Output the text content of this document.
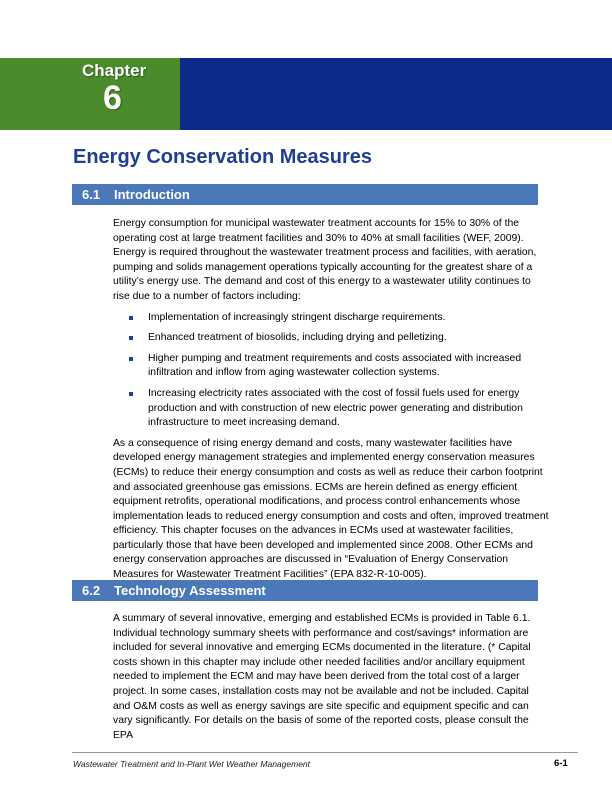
Chapter
6
Energy Conservation Measures
6.1 Introduction

Energy consumption for municipal wastewater treatment accounts for 15% to 30% of the operating cost at large treatment facilities and 30% to 40% at small facilities (WEF, 2009). Energy is required throughout the wastewater treatment process and facilities, with aeration, pumping and solids management operations typically accounting for the greatest share of a utility’s energy use. The demand and cost of this energy to a wastewater utility continues to rise due to a number of factors including:

Implementation of increasingly stringent discharge requirements.
Enhanced treatment of biosolids, including drying and pelletizing.
Higher pumping and treatment requirements and costs associated with increased infiltration and inflow from aging wastewater collection systems.
Increasing electricity rates associated with the cost of fossil fuels used for energy production and with construction of new electric power generating and distribution infrastructure to meet increasing demand.

As a consequence of rising energy demand and costs, many wastewater facilities have developed energy management strategies and implemented energy conservation measures (ECMs) to reduce their energy consumption and costs as well as reduce their carbon footprint and associated greenhouse gas emissions. ECMs are herein defined as energy efficient equipment retrofits, operational modifications, and process control enhancements whose implementation leads to reduced energy consumption and costs and often, improved treatment efficiency. This chapter focuses on the advances in ECMs used at wastewater facilities, particularly those that have been developed and implemented since 2008. Other ECMs and energy conservation approaches are discussed in “Evaluation of Energy Conservation Measures for Wastewater Treatment Facilities” (EPA 832-R-10-005).

6.2 Technology Assessment

A summary of several innovative, emerging and established ECMs is provided in Table 6.1. Individual technology summary sheets with performance and cost/savings* information are included for several innovative and emerging ECMs documented in the literature. (* Capital costs shown in this chapter may include other needed facilities and/or ancillary equipment needed to implement the ECM and may have been derived from the total cost of a larger project. In some cases, installation costs may not be available and not be included. Capital and O&M costs as well as energy savings are site specific and equipment specific and can vary significantly. For details on the basis of some of the reported costs, please consult the EPA

Wastewater Treatment and In-Plant Wet Weather Management	6-1
